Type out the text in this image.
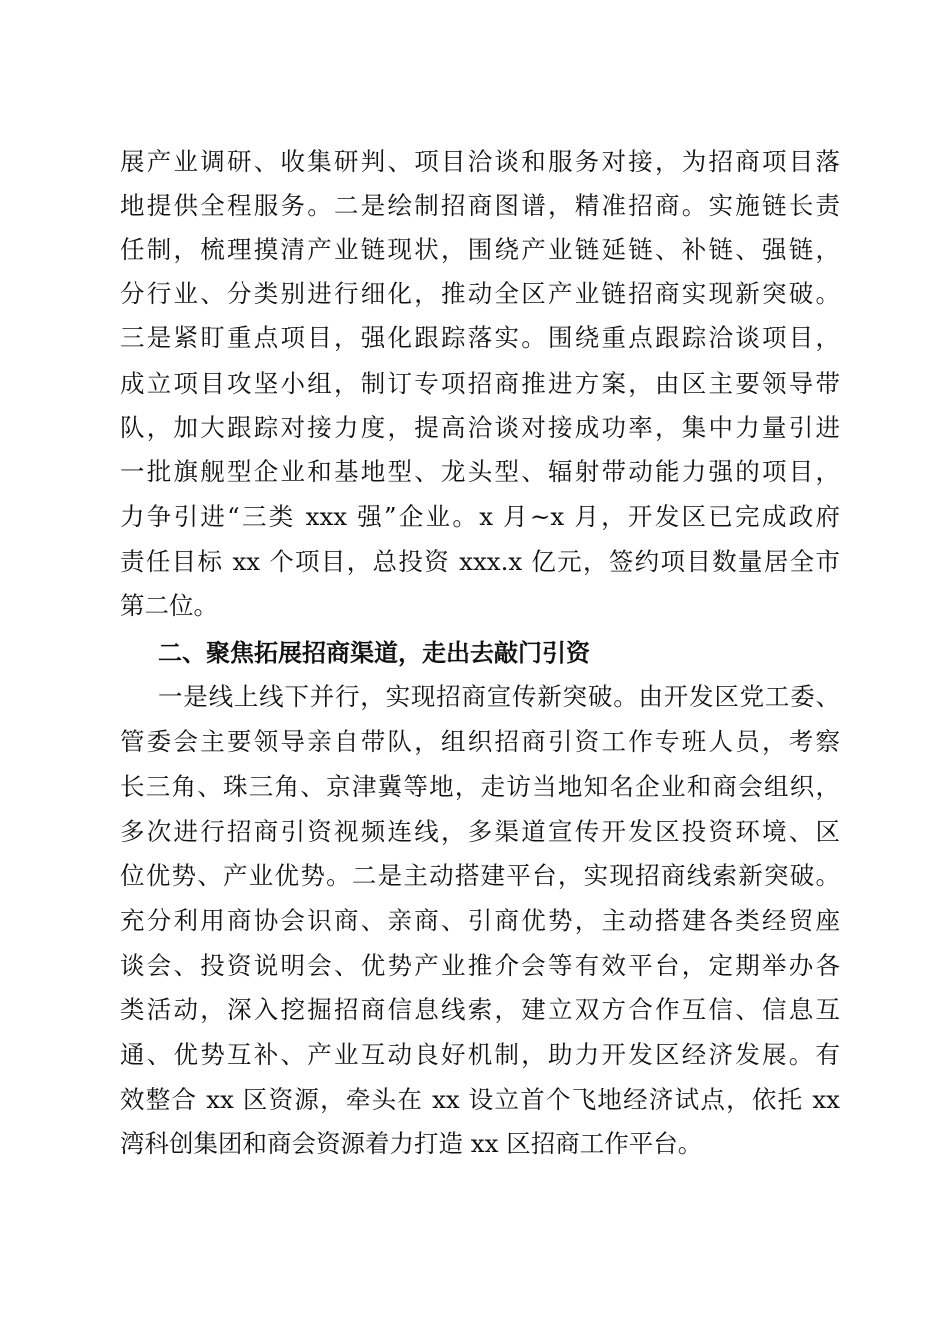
展产业调研、收集研判、项目洽谈和服务对接，为招商项目落

地提供全程服务。二是绘制招商图谱，精准招商。实施链长责

任制，梳理摸清产业链现状，围绕产业链延链、补链、强链，

分行业、分类别进行细化，推动全区产业链招商实现新突破。

三是紧盯重点项目，强化跟踪落实。围绕重点跟踪洽谈项目，

成立项目攻坚小组，制订专项招商推进方案，由区主要领导带

队，加大跟踪对接力度，提高洽谈对接成功率，集中力量引进

一批旗舰型企业和基地型、龙头型、辐射带动能力强的项目，

力争引进“三类 xxx 强”企业。x 月~x 月，开发区已完成政府

责任目标 xx 个项目，总投资 xxx.x 亿元，签约项目数量居全市

第二位。

二、聚焦拓展招商渠道，走出去敲门引资

一是线上线下并行，实现招商宣传新突破。由开发区党工委、

管委会主要领导亲自带队，组织招商引资工作专班人员，考察

长三角、珠三角、京津冀等地，走访当地知名企业和商会组织，

多次进行招商引资视频连线，多渠道宣传开发区投资环境、区

位优势、产业优势。二是主动搭建平台，实现招商线索新突破。

充分利用商协会识商、亲商、引商优势，主动搭建各类经贸座

谈会、投资说明会、优势产业推介会等有效平台，定期举办各

类活动，深入挖掘招商信息线索，建立双方合作互信、信息互

通、优势互补、产业互动良好机制，助力开发区经济发展。有

效整合 xx 区资源，牵头在 xx 设立首个飞地经济试点，依托 xx

湾科创集团和商会资源着力打造 xx 区招商工作平台。
